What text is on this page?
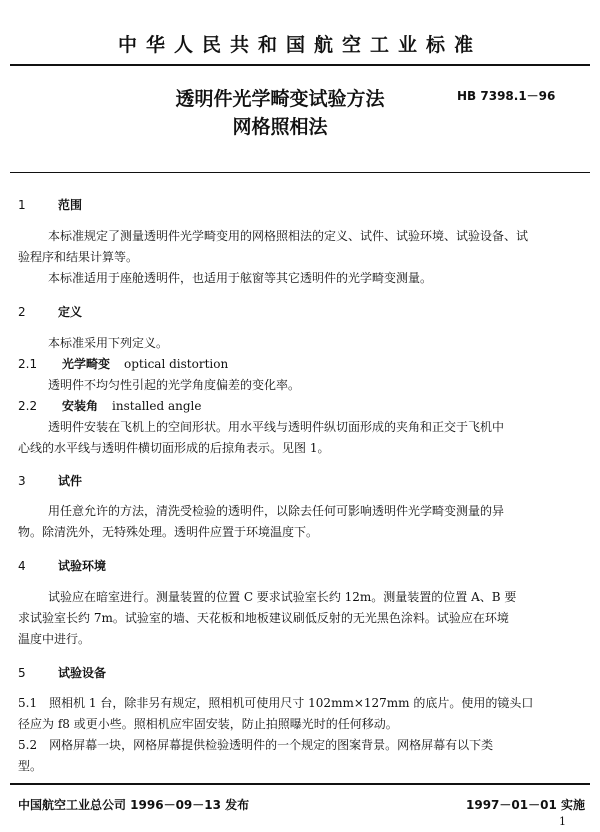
中华人民共和国航空工业标准
透明件光学畸变试验方法
网格照相法
HB 7398.1－96
1	范围
本标准规定了测量透明件光学畸变用的网格照相法的定义、试件、试验环境、试验设备、试
验程序和结果计算等。
本标准适用于座舱透明件，也适用于舷窗等其它透明件的光学畸变测量。
2	定义
本标准采用下列定义。
2.1 光学畸变 optical distortion
透明件不均匀性引起的光学角度偏差的变化率。
2.2 安装角 installed angle
透明件安装在飞机上的空间形状。用水平线与透明件纵切面形成的夹角和正交于飞机中
心线的水平线与透明件横切面形成的后掠角表示。见图 1。
3	试件
用任意允许的方法，清洗受检验的透明件，以除去任何可影响透明件光学畸变测量的异
物。除清洗外，无特殊处理。透明件应置于环境温度下。
4	试验环境
试验应在暗室进行。测量装置的位置 C 要求试验室长约 12m。测量装置的位置 A、B 要
求试验室长约 7m。试验室的墙、天花板和地板建议刷低反射的无光黑色涂料。试验应在环境
温度中进行。
5	试验设备
5.1　照相机 1 台，除非另有规定，照相机可使用尺寸 102mm×127mm 的底片。使用的镜头口
径应为 f8 或更小些。照相机应牢固安装，防止拍照曝光时的任何移动。
5.2　网格屏幕一块，网格屏幕提供检验透明件的一个规定的图案背景。网格屏幕有以下类
型。
中国航空工业总公司 1996－09－13 发布	1997－01－01 实施
1
